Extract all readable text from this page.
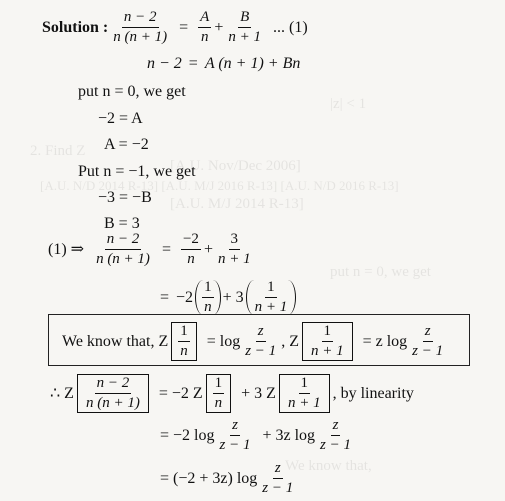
|z| < 1
2. Find Z
[A.U. Nov/Dec 2006]
[A.U. N/D 2014 R-13] [A.U. M/J 2016 R-13] [A.U. N/D 2016 R-13]
[A.U. M/J 2014 R-13]
put n = 0, we get
We know that,
Solution : $\frac{n - 2}{n (n + 1)} = \frac{A}{n} + \frac{B}{n + 1}$ ... (1)
n − 2 = A (n + 1) + Bn
put n = 0, we get
−2 = A
A = −2
Put n = −1, we get
−3 = −B
B = 3
(1) ⇒ $\frac{n - 2}{n (n + 1)} = \frac{-2}{n} + \frac{3}{n + 1}$
= $-2 \frac{1}{n} + 3 \frac{1}{n + 1}$
We know that, Z $\frac{1}{n} = \log \frac{z}{z - 1}$ , Z $\frac{1}{n + 1} = z$ $\log \frac{z}{z - 1}$
∴ Z $\frac{n - 2}{n (n + 1)} = -2$ Z $\frac{1}{n} + 3$ Z $\frac{1}{n + 1}$ , by linearity
= −2 $\log \frac{z}{z - 1} + 3z$ $\log \frac{z}{z - 1}$
= (−2 + 3z) $\log \frac{z}{z - 1}$
